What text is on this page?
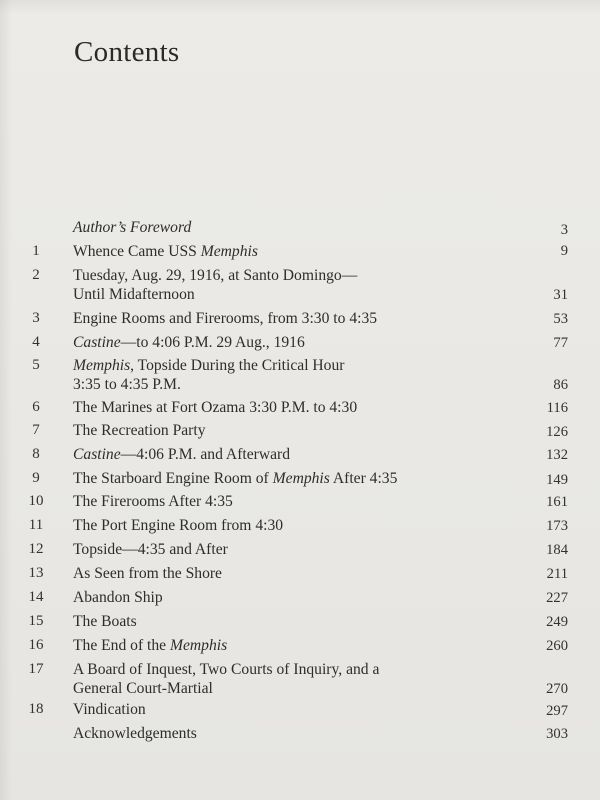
Contents
Author’s Foreword	3
1	Whence Came USS Memphis	9
2	Tuesday, Aug. 29, 1916, at Santo Domingo—
Until Midafternoon	31
3	Engine Rooms and Firerooms, from 3:30 to 4:35	53
4	Castine—to 4:06 P.M. 29 Aug., 1916	77
5	Memphis, Topside During the Critical Hour
3:35 to 4:35 P.M.	86
6	The Marines at Fort Ozama 3:30 P.M. to 4:30	116
7	The Recreation Party	126
8	Castine—4:06 P.M. and Afterward	132
9	The Starboard Engine Room of Memphis After 4:35	149
10	The Firerooms After 4:35	161
11	The Port Engine Room from 4:30	173
12	Topside—4:35 and After	184
13	As Seen from the Shore	211
14	Abandon Ship	227
15	The Boats	249
16	The End of the Memphis	260
17	A Board of Inquest, Two Courts of Inquiry, and a
General Court-Martial	270
18	Vindication	297
Acknowledgements	303
